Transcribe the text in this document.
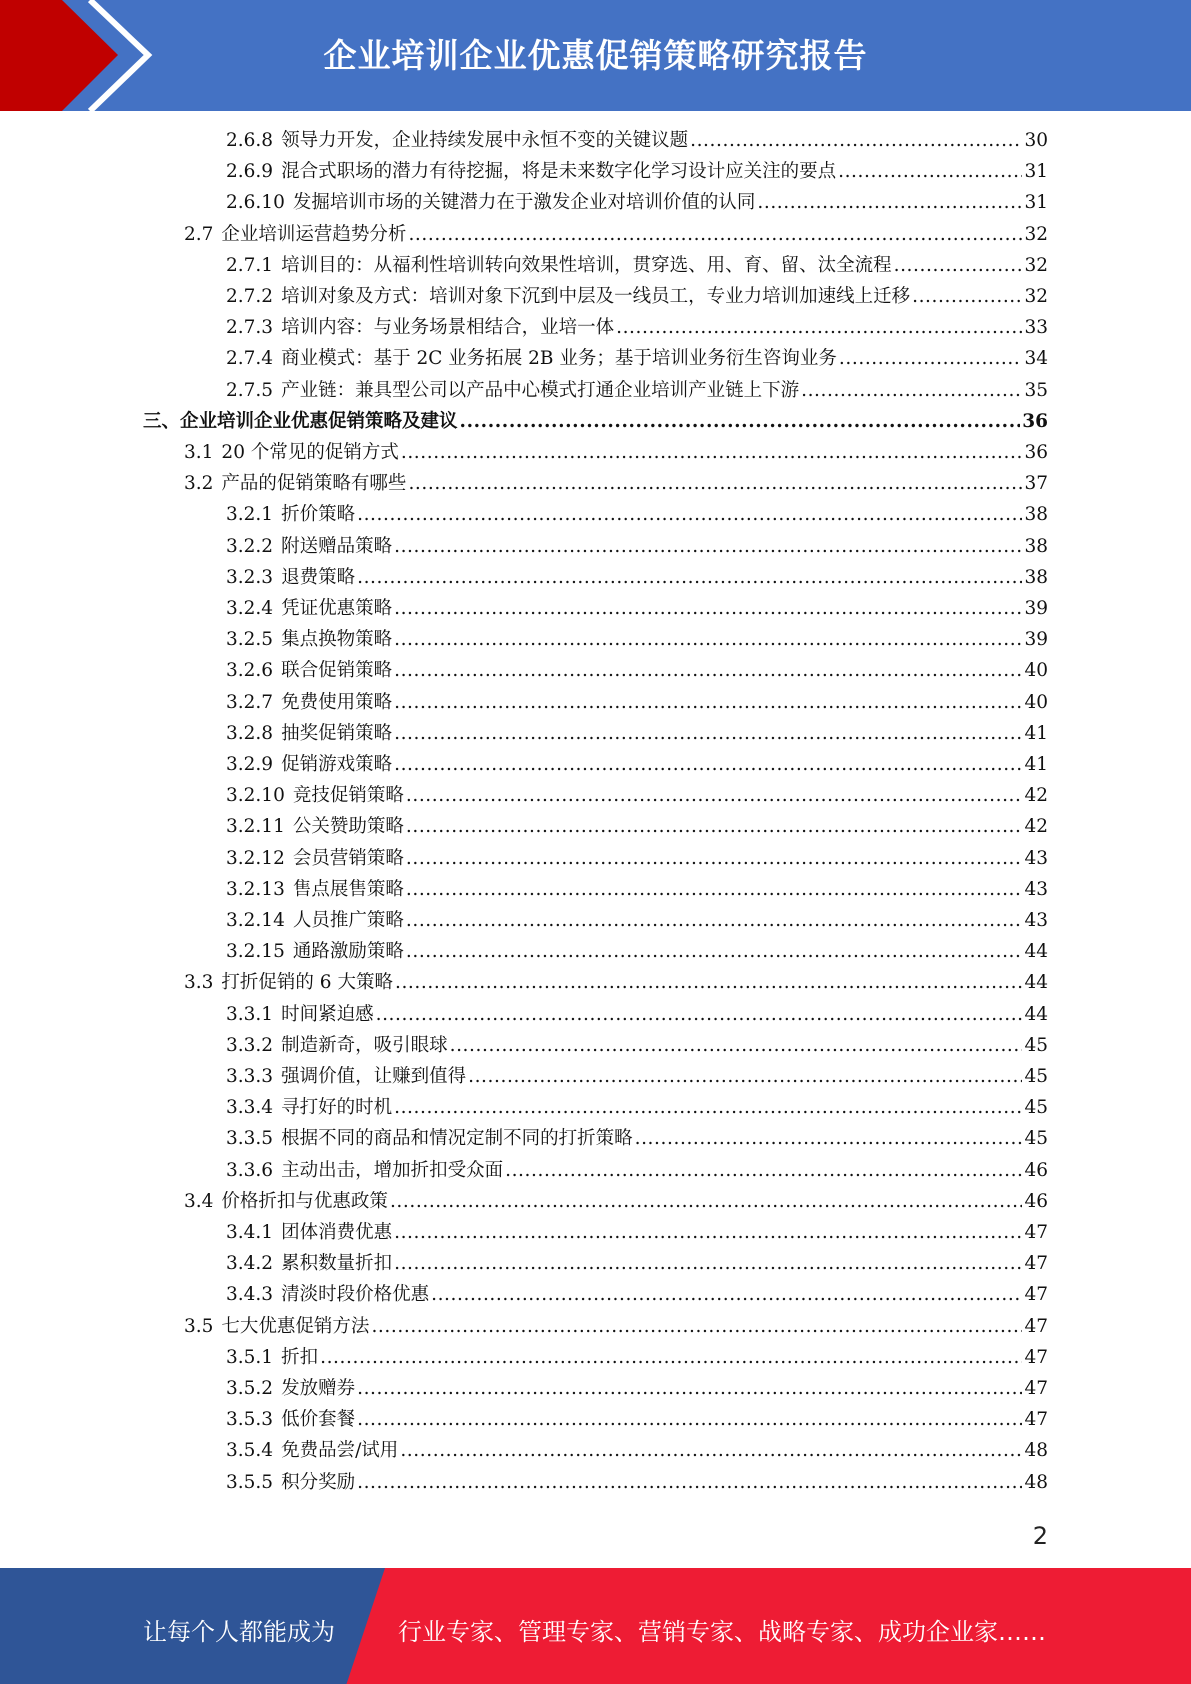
企业培训企业优惠促销策略研究报告
2.6.8 领导力开发，企业持续发展中永恒不变的关键议题 .....	30
2.6.9 混合式职场的潜力有待挖掘，将是未来数字化学习设计应关注的要点 .....	31
2.6.10 发掘培训市场的关键潜力在于激发企业对培训价值的认同 .....	31
2.7 企业培训运营趋势分析 .....	32
2.7.1 培训目的：从福利性培训转向效果性培训，贯穿选、用、育、留、汰全流程 .....	32
2.7.2 培训对象及方式：培训对象下沉到中层及一线员工，专业力培训加速线上迁移 .....	32
2.7.3 培训内容：与业务场景相结合，业培一体 .....	33
2.7.4 商业模式：基于 2C 业务拓展 2B 业务；基于培训业务衍生咨询业务 .....	34
2.7.5 产业链：兼具型公司以产品中心模式打通企业培训产业链上下游 .....	35
三、企业培训企业优惠促销策略及建议 .....	36
3.1 20 个常见的促销方式 .....	36
3.2 产品的促销策略有哪些 .....	37
3.2.1 折价策略 .....	38
3.2.2 附送赠品策略 .....	38
3.2.3 退费策略 .....	38
3.2.4 凭证优惠策略 .....	39
3.2.5 集点换物策略 .....	39
3.2.6 联合促销策略 .....	40
3.2.7 免费使用策略 .....	40
3.2.8 抽奖促销策略 .....	41
3.2.9 促销游戏策略 .....	41
3.2.10 竞技促销策略 .....	42
3.2.11 公关赞助策略 .....	42
3.2.12 会员营销策略 .....	43
3.2.13 售点展售策略 .....	43
3.2.14 人员推广策略 .....	43
3.2.15 通路激励策略 .....	44
3.3 打折促销的 6 大策略 .....	44
3.3.1 时间紧迫感 .....	44
3.3.2 制造新奇，吸引眼球 .....	45
3.3.3 强调价值，让赚到值得 .....	45
3.3.4 寻打好的时机 .....	45
3.3.5 根据不同的商品和情况定制不同的打折策略 .....	45
3.3.6 主动出击，增加折扣受众面 .....	46
3.4 价格折扣与优惠政策 .....	46
3.4.1 团体消费优惠 .....	47
3.4.2 累积数量折扣 .....	47
3.4.3 清淡时段价格优惠 .....	47
3.5 七大优惠促销方法 .....	47
3.5.1 折扣 .....	47
3.5.2 发放赠券 .....	47
3.5.3 低价套餐 .....	47
3.5.4 免费品尝/试用 .....	48
3.5.5 积分奖励 .....	48
2
让每个人都能成为	行业专家、管理专家、营销专家、战略专家、成功企业家……
